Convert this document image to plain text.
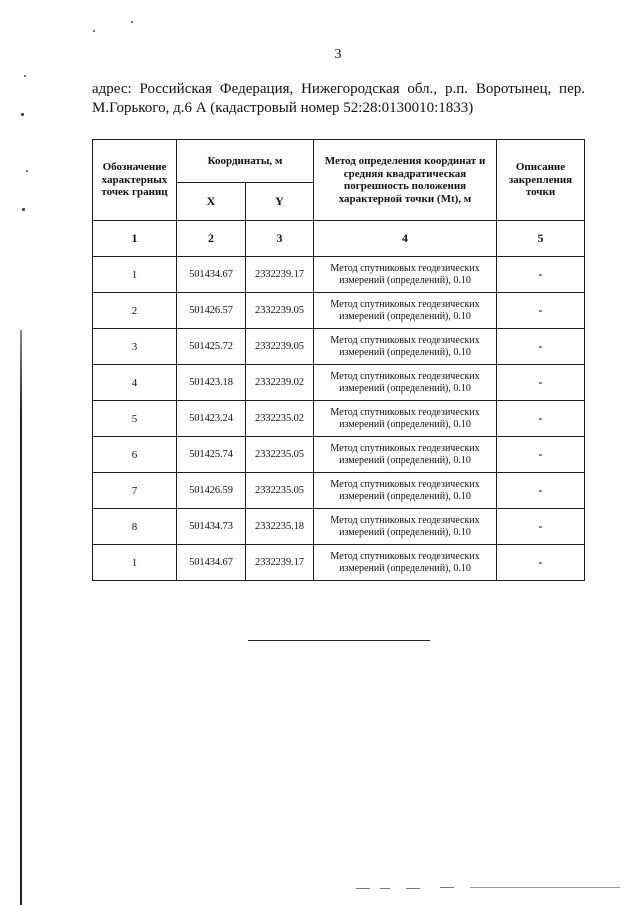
3
адрес: Российская Федерация, Нижегородская обл., р.п. Воротынец, пер.
М.Горького, д.6 А (кадастровый номер 52:28:0130010:1833)
Обозначение характерных точек границ	Координаты, м		Метод определения координат и средняя квадратическая погрешность положения характерной точки (Mt), м	Описание закрепления точки
	X	Y		
1	2	3	4	5
1	501434.67	2332239.17	Метод спутниковых геодезических измерений (определений), 0.10	-
2	501426.57	2332239.05	Метод спутниковых геодезических измерений (определений), 0.10	-
3	501425.72	2332239.05	Метод спутниковых геодезических измерений (определений), 0.10	-
4	501423.18	2332239.02	Метод спутниковых геодезических измерений (определений), 0.10	-
5	501423.24	2332235.02	Метод спутниковых геодезических измерений (определений), 0.10	-
6	501425.74	2332235.05	Метод спутниковых геодезических измерений (определений), 0.10	-
7	501426.59	2332235.05	Метод спутниковых геодезических измерений (определений), 0.10	-
8	501434.73	2332235.18	Метод спутниковых геодезических измерений (определений), 0.10	-
1	501434.67	2332239.17	Метод спутниковых геодезических измерений (определений), 0.10	-
